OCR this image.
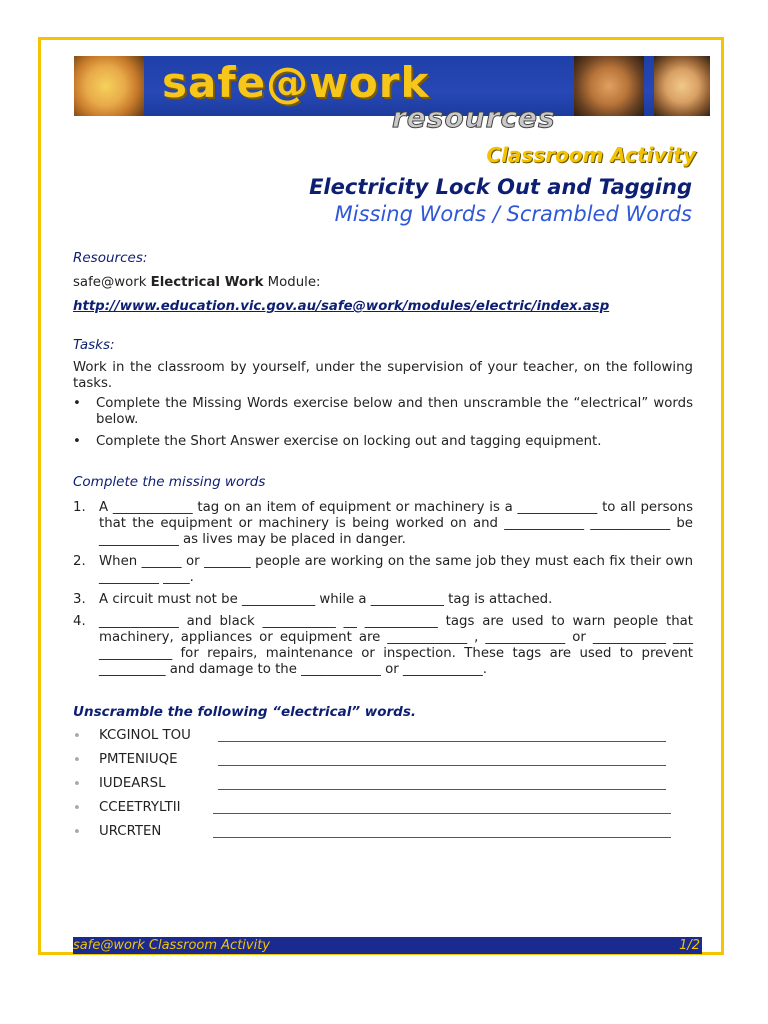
safe@work
resources
Classroom Activity
Electricity Lock Out and Tagging
Missing Words / Scrambled Words

Resources:

safe@work Electrical Work Module:

http://www.education.vic.gov.au/safe@work/modules/electric/index.asp

Tasks:

Work in the classroom by yourself, under the supervision of your teacher, on the following tasks.

• Complete the Missing Words exercise below and then unscramble the “electrical” words below.
• Complete the Short Answer exercise on locking out and tagging equipment.

Complete the missing words

1. A ____________ tag on an item of equipment or machinery is a ____________ to all persons that the equipment or machinery is being worked on and ____________ ____________ be ____________ as lives may be placed in danger.
2. When ______ or _______ people are working on the same job they must each fix their own _________ ____.
3. A circuit must not be ___________ while a ___________ tag is attached.
4. ____________ and black ___________ __ ___________ tags are used to warn people that machinery, appliances or equipment are ____________ , ____________ or ___________ ___ ___________ for repairs, maintenance or inspection. These tags are used to prevent __________ and damage to the ____________ or ____________.

Unscramble the following “electrical” words.

• KCGINOL TOU
• PMTENIUQE
• IUDEARSL
• CCEETRYLTII
• URCRTEN
safe@work Classroom Activity	1/2
